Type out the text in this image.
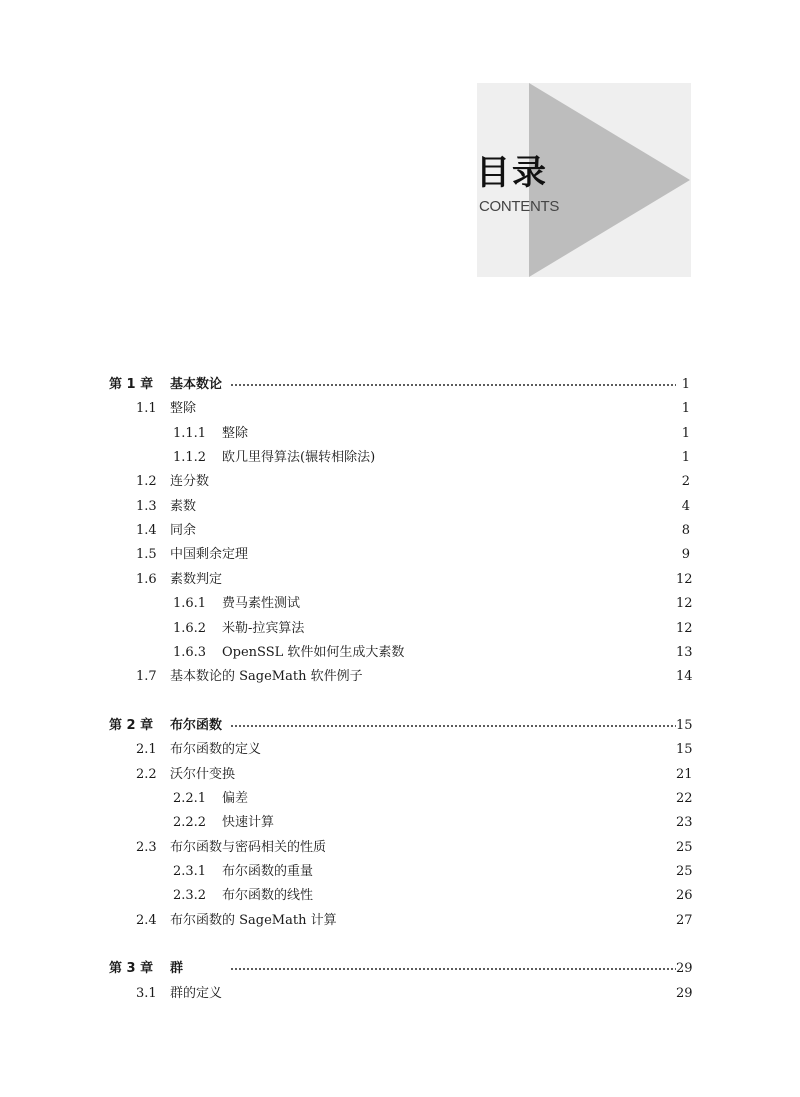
目录
CONTENTS
第 1 章 基本数论	1
1.1 整除	1
1.1.1 整除	1
1.1.2 欧几里得算法(辗转相除法)	1
1.2 连分数	2
1.3 素数	4
1.4 同余	8
1.5 中国剩余定理	9
1.6 素数判定	12
1.6.1 费马素性测试	12
1.6.2 米勒-拉宾算法	12
1.6.3 OpenSSL 软件如何生成大素数	13
1.7 基本数论的 SageMath 软件例子	14
第 2 章 布尔函数	15
2.1 布尔函数的定义	15
2.2 沃尔什变换	21
2.2.1 偏差	22
2.2.2 快速计算	23
2.3 布尔函数与密码相关的性质	25
2.3.1 布尔函数的重量	25
2.3.2 布尔函数的线性	26
2.4 布尔函数的 SageMath 计算	27
第 3 章 群	29
3.1 群的定义	29
